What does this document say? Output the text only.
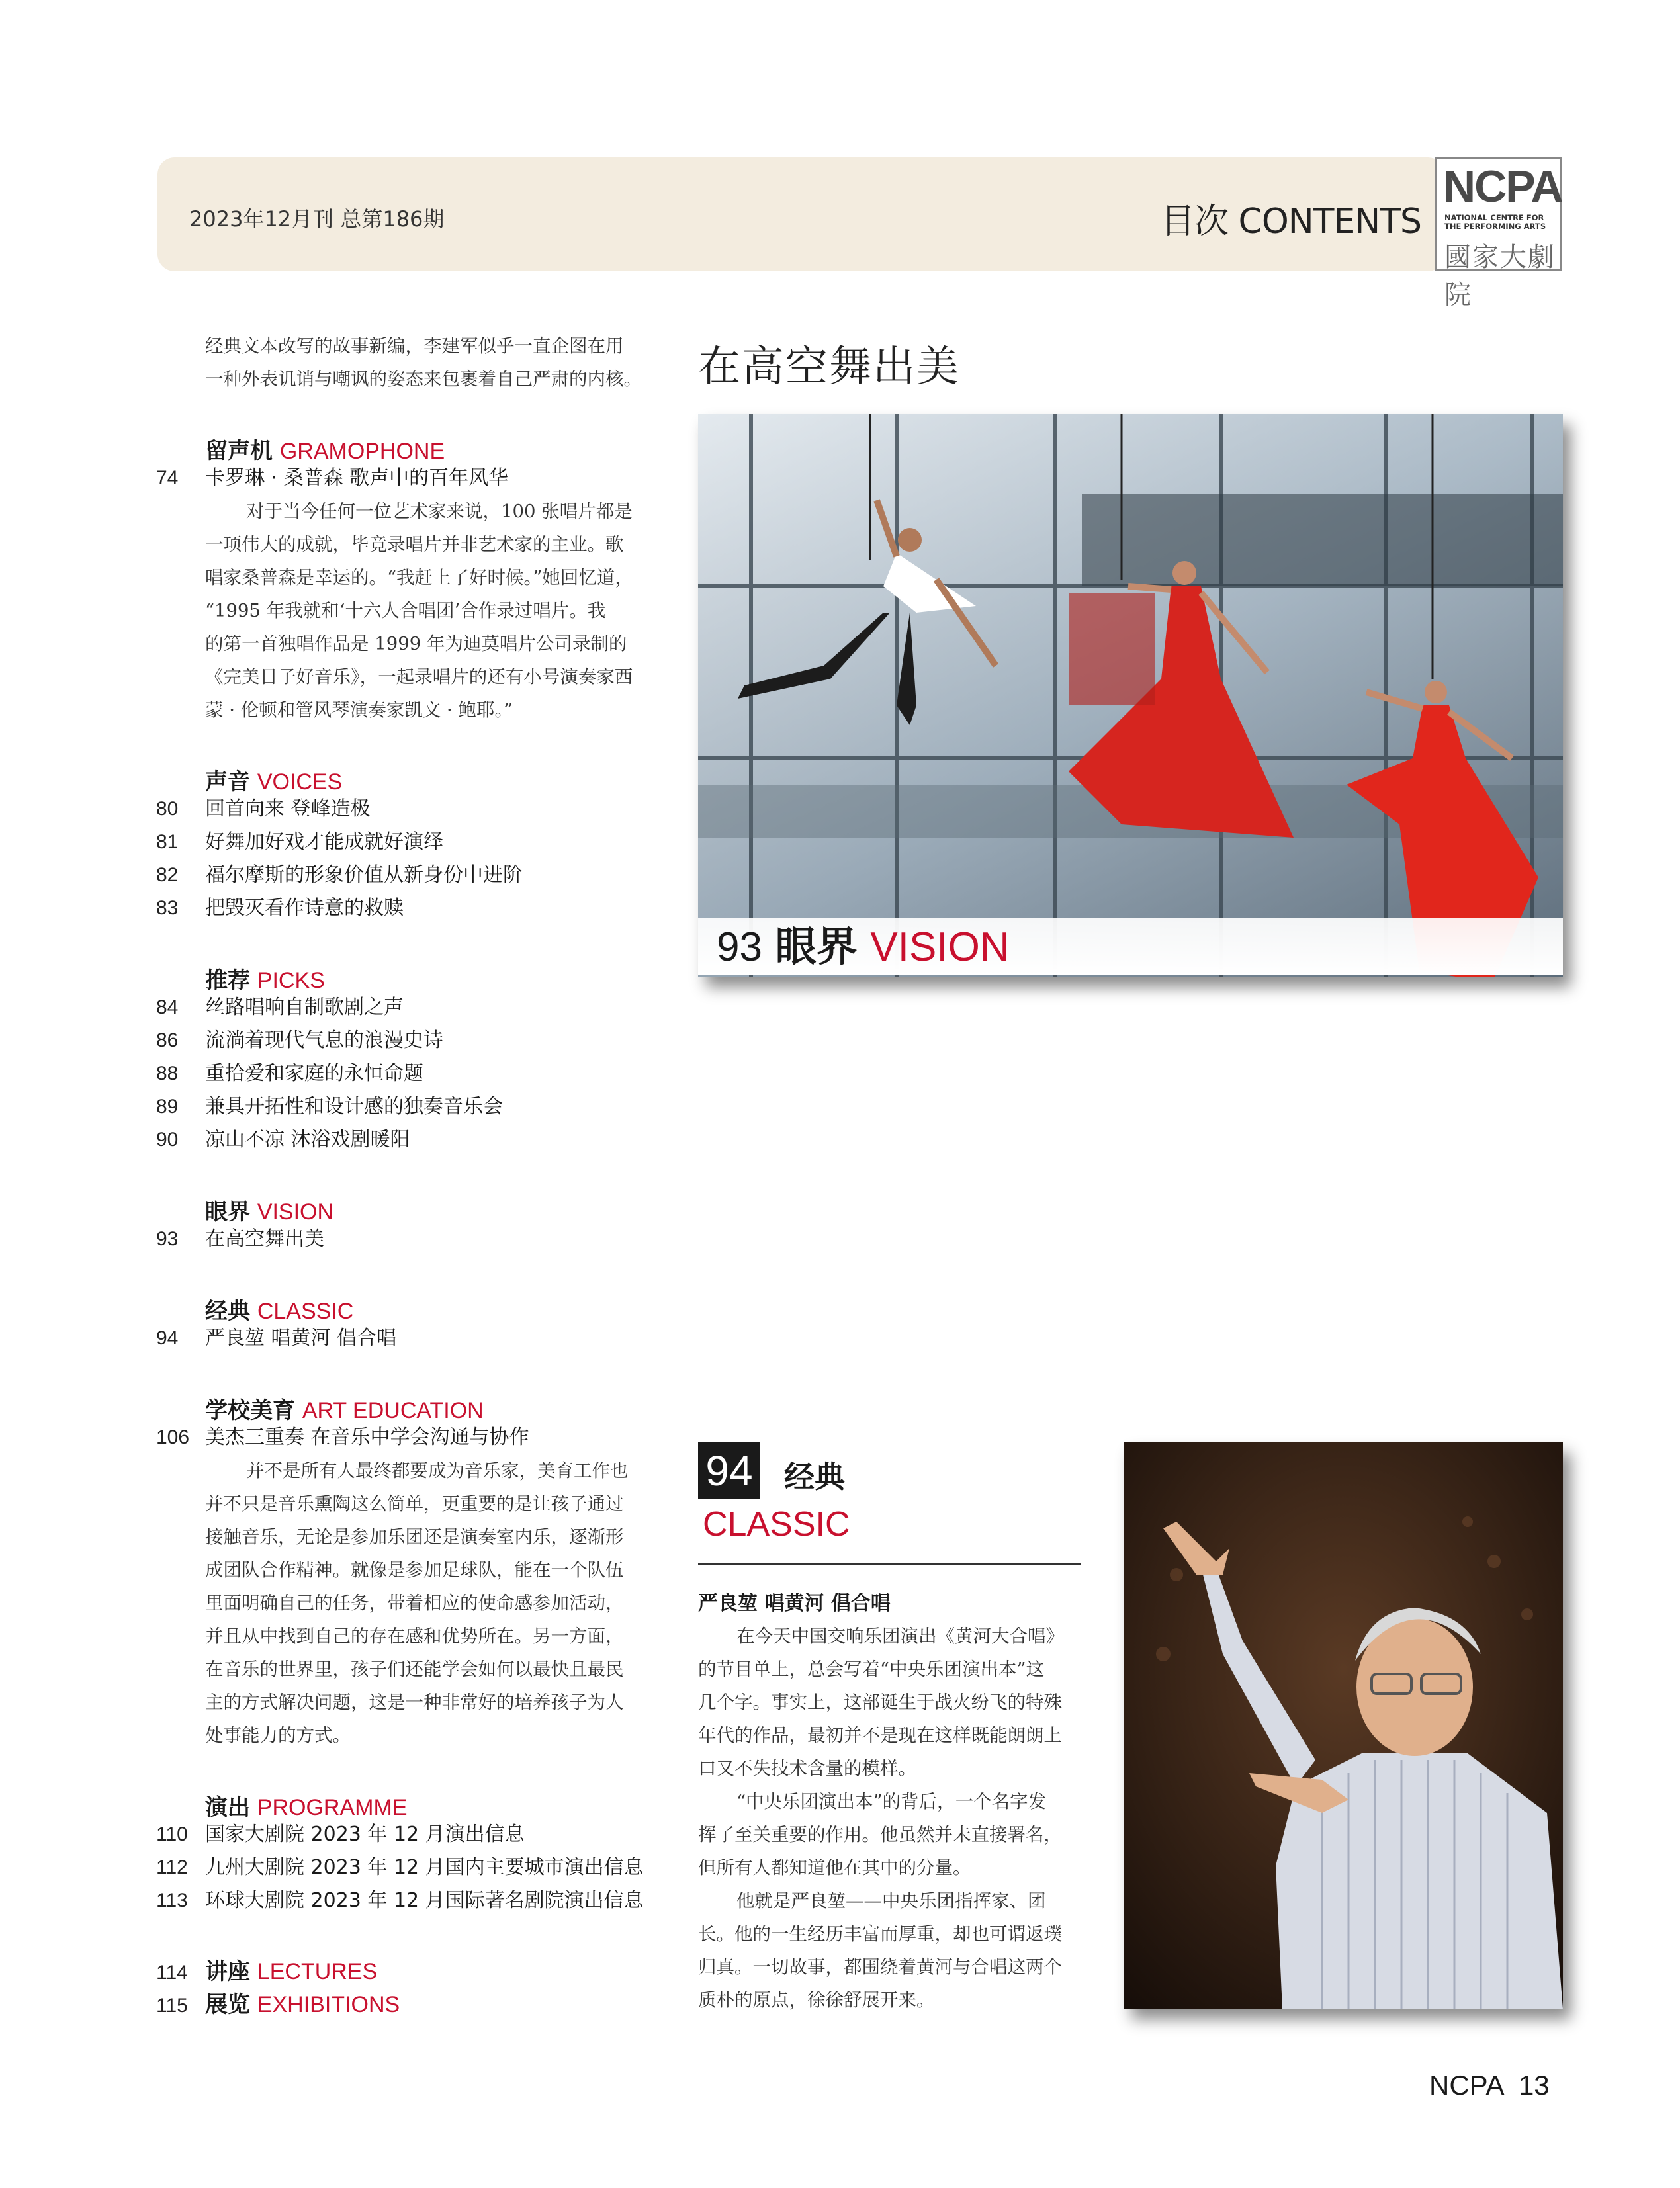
2023年12月刊 总第186期	目次 CONTENTS
NCPA
NATIONAL CENTRE FOR
THE PERFORMING ARTS
國家大劇院
经典文本改写的故事新编，李建军似乎一直企图在用
一种外表讥诮与嘲讽的姿态来包裹着自己严肃的内核。
留声机 GRAMOPHONE
74	卡罗琳 · 桑普森 歌声中的百年风华
对于当今任何一位艺术家来说，100 张唱片都是
一项伟大的成就，毕竟录唱片并非艺术家的主业。歌
唱家桑普森是幸运的。“我赶上了好时候。”她回忆道，
“1995 年我就和‘十六人合唱团’合作录过唱片。我
的第一首独唱作品是 1999 年为迪莫唱片公司录制的
《完美日子好音乐》，一起录唱片的还有小号演奏家西
蒙 · 伦顿和管风琴演奏家凯文 · 鲍耶。”
声音 VOICES
80	回首向来 登峰造极
81	好舞加好戏才能成就好演绎
82	福尔摩斯的形象价值从新身份中进阶
83	把毁灭看作诗意的救赎
推荐 PICKS
84	丝路唱响自制歌剧之声
86	流淌着现代气息的浪漫史诗
88	重拾爱和家庭的永恒命题
89	兼具开拓性和设计感的独奏音乐会
90	凉山不凉 沐浴戏剧暖阳
眼界 VISION
93	在高空舞出美
经典 CLASSIC
94	严良堃 唱黄河 倡合唱
学校美育 ART EDUCATION
106 美杰三重奏 在音乐中学会沟通与协作
并不是所有人最终都要成为音乐家，美育工作也
并不只是音乐熏陶这么简单，更重要的是让孩子通过
接触音乐，无论是参加乐团还是演奏室内乐，逐渐形
成团队合作精神。就像是参加足球队，能在一个队伍
里面明确自己的任务，带着相应的使命感参加活动，
并且从中找到自己的存在感和优势所在。另一方面，
在音乐的世界里，孩子们还能学会如何以最快且最民
主的方式解决问题，这是一种非常好的培养孩子为人
处事能力的方式。
演出 PROGRAMME
110 国家大剧院 2023 年 12 月演出信息
112 九州大剧院 2023 年 12 月国内主要城市演出信息
113 环球大剧院 2023 年 12 月国际著名剧院演出信息
114 讲座 LECTURES
115 展览 EXHIBITIONS
在高空舞出美
93 眼界 VISION
94 经典
CLASSIC
严良堃 唱黄河 倡合唱
在今天中国交响乐团演出《黄河大合唱》
的节目单上，总会写着“中央乐团演出本”这
几个字。事实上，这部诞生于战火纷飞的特殊
年代的作品，最初并不是现在这样既能朗朗上
口又不失技术含量的模样。
“中央乐团演出本”的背后，一个名字发
挥了至关重要的作用。他虽然并未直接署名，
但所有人都知道他在其中的分量。
他就是严良堃——中央乐团指挥家、团
长。他的一生经历丰富而厚重，却也可谓返璞
归真。一切故事，都围绕着黄河与合唱这两个
质朴的原点，徐徐舒展开来。
NCPA 13
